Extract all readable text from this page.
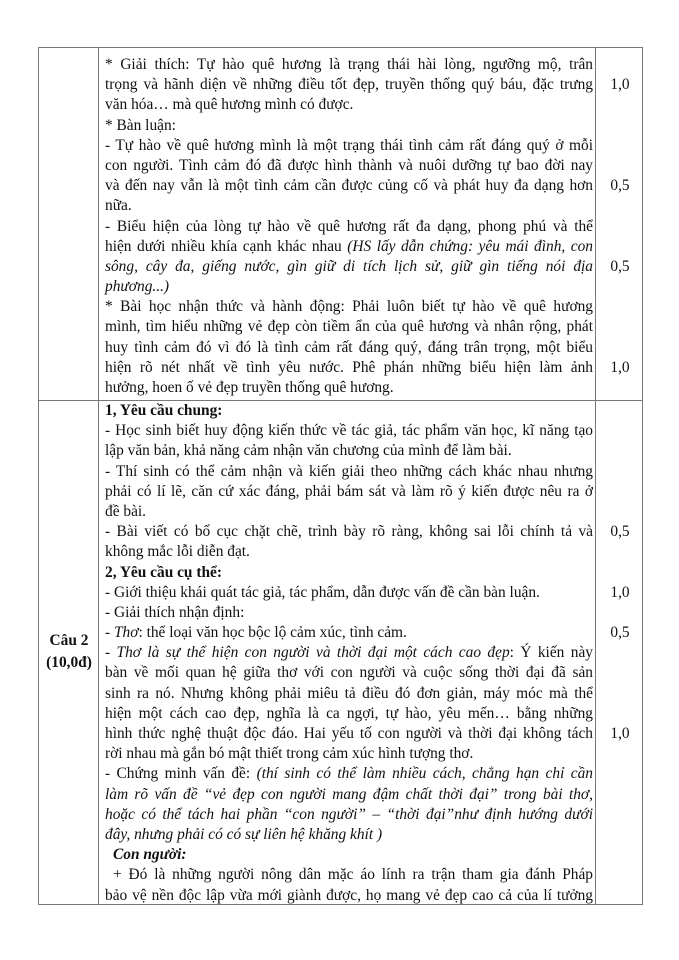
* Giải thích: Tự hào quê hương là trạng thái hài lòng, ngưỡng mộ, trân
trọng và hãnh diện về những điều tốt đẹp, truyền thống quý báu, đặc trưng
văn hóa… mà quê hương mình có được.
* Bàn luận:
- Tự hào về quê hương mình là một trạng thái tình cảm rất đáng quý ở mỗi
con người. Tình cảm đó đã được hình thành và nuôi dưỡng tự bao đời nay
và đến nay vẫn là một tình cảm cần được củng cố và phát huy đa dạng hơn
nữa.
- Biểu hiện của lòng tự hào về quê hương rất đa dạng, phong phú và thể
hiện dưới nhiều khía cạnh khác nhau (HS lấy dẫn chứng: yêu mái đình, con
sông, cây đa, giếng nước, gìn giữ di tích lịch sử, giữ gìn tiếng nói địa
phương...)
* Bài học nhận thức và hành động: Phải luôn biết tự hào về quê hương
mình, tìm hiểu những vẻ đẹp còn tiềm ẩn của quê hương và nhân rộng, phát
huy tình cảm đó vì đó là tình cảm rất đáng quý, đáng trân trọng, một biểu
hiện rõ nét nhất về tình yêu nước. Phê phán những biểu hiện làm ảnh
hưởng, hoen ố vẻ đẹp truyền thống quê hương.
1,0
0,5
0,5
1,0
1, Yêu cầu chung:
- Học sinh biết huy động kiến thức về tác giả, tác phẩm văn học, kĩ năng tạo
lập văn bản, khả năng cảm nhận văn chương của mình để làm bài.
- Thí sinh có thể cảm nhận và kiến giải theo những cách khác nhau nhưng
phải có lí lẽ, căn cứ xác đáng, phải bám sát và làm rõ ý kiến được nêu ra ở
đề bài.
- Bài viết có bố cục chặt chẽ, trình bày rõ ràng, không sai lỗi chính tả và
không mắc lỗi diễn đạt.
2, Yêu cầu cụ thể:
- Giới thiệu khái quát tác giả, tác phẩm, dẫn được vấn đề cần bàn luận.
- Giải thích nhận định:
- Thơ: thể loại văn học bộc lộ cảm xúc, tình cảm.
- Thơ là sự thể hiện con người và thời đại một cách cao đẹp: Ý kiến này
bàn về mối quan hệ giữa thơ với con người và cuộc sống thời đại đã sản
sinh ra nó. Nhưng không phải miêu tả điều đó đơn giản, máy móc mà thể
hiện một cách cao đẹp, nghĩa là ca ngợi, tự hào, yêu mến… bằng những
hình thức nghệ thuật độc đáo. Hai yếu tố con người và thời đại không tách
rời nhau mà gắn bó mật thiết trong cảm xúc hình tượng thơ.
- Chứng minh vấn đề: (thí sinh có thể làm nhiều cách, chẳng hạn chỉ cần
làm rõ vấn đề “vẻ đẹp con người mang đậm chất thời đại” trong bài thơ,
hoặc có thể tách hai phần “con người” – “thời đại”như định hướng dưới
đây, nhưng phải có có sự liên hệ khăng khít )
Con người:
+ Đó là những người nông dân mặc áo lính ra trận tham gia đánh Pháp
bảo vệ nền độc lập vừa mới giành được, họ mang vẻ đẹp cao cả của lí tưởng
0,5
1,0
0,5
1,0
Câu 2
(10,0đ)
